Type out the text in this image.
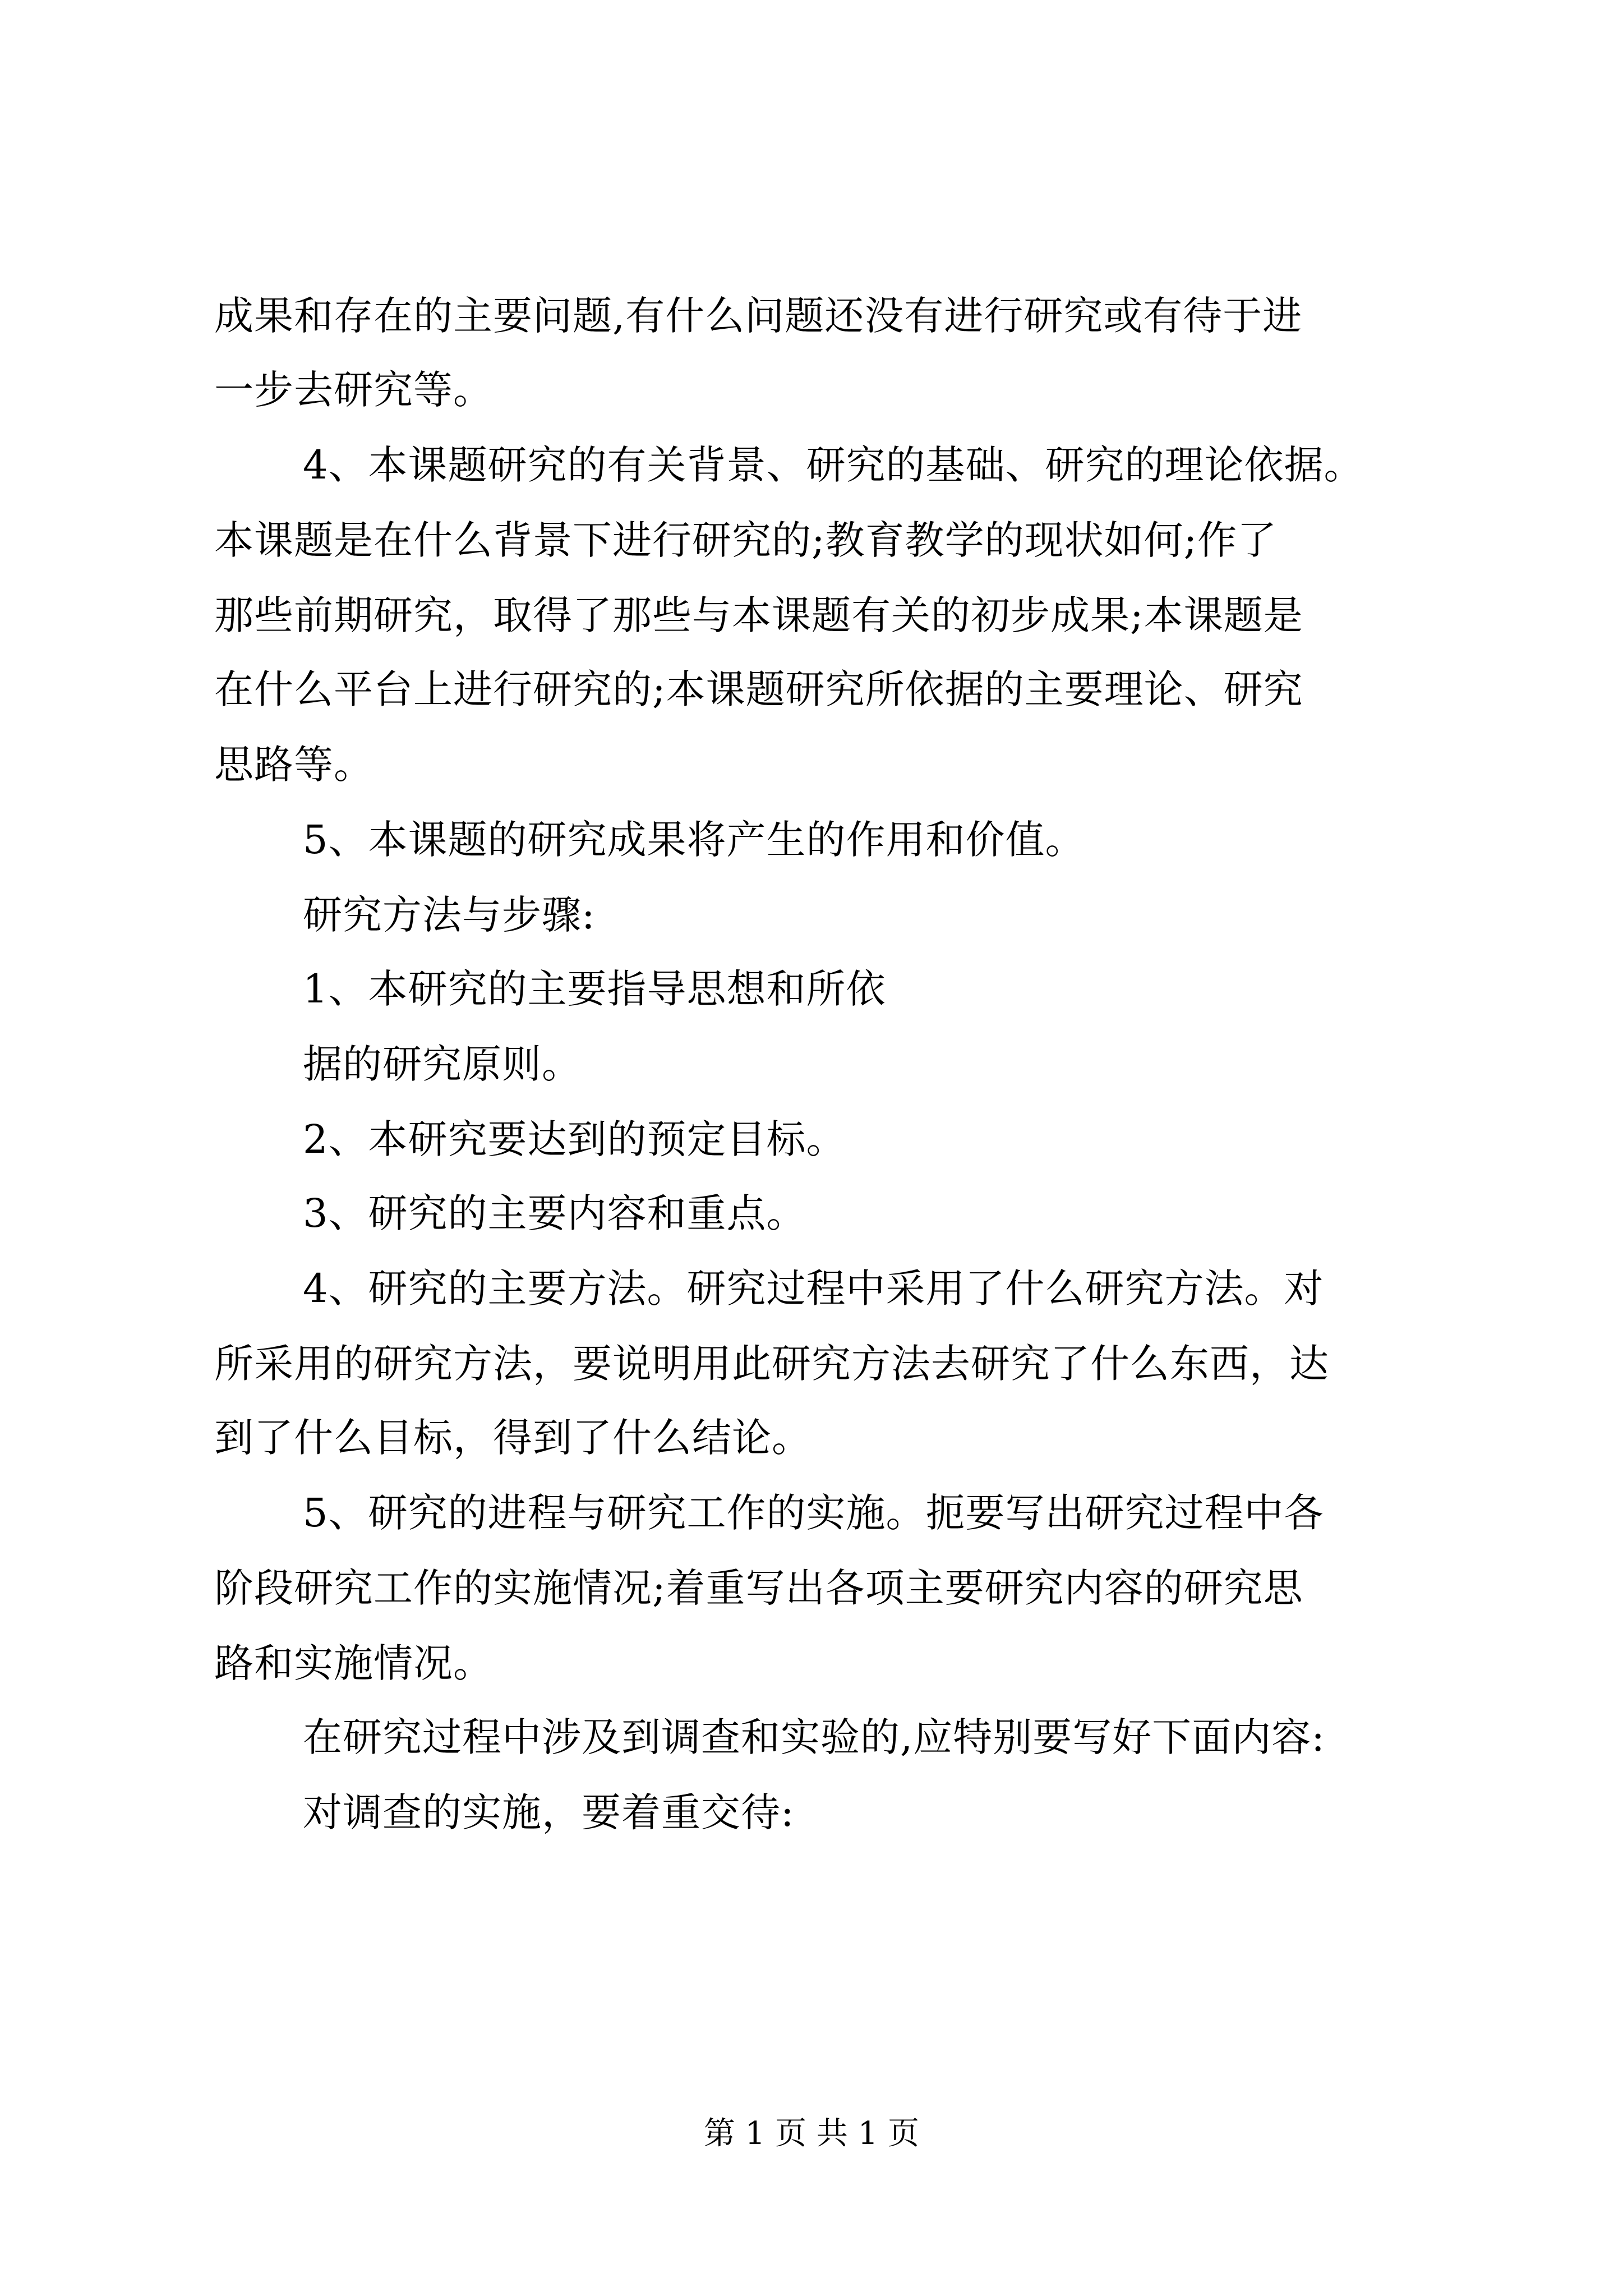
成果和存在的主要问题,有什么问题还没有进行研究或有待于进
一步去研究等。
4、本课题研究的有关背景、研究的基础、研究的理论依据。
本课题是在什么背景下进行研究的;教育教学的现状如何;作了
那些前期研究，取得了那些与本课题有关的初步成果;本课题是
在什么平台上进行研究的;本课题研究所依据的主要理论、研究
思路等。
5、本课题的研究成果将产生的作用和价值。
研究方法与步骤:
1、本研究的主要指导思想和所依
据的研究原则。
2、本研究要达到的预定目标。
3、研究的主要内容和重点。
4、研究的主要方法。研究过程中采用了什么研究方法。对
所采用的研究方法，要说明用此研究方法去研究了什么东西，达
到了什么目标，得到了什么结论。
5、研究的进程与研究工作的实施。扼要写出研究过程中各
阶段研究工作的实施情况;着重写出各项主要研究内容的研究思
路和实施情况。
在研究过程中涉及到调查和实验的,应特别要写好下面内容:
对调查的实施，要着重交待:
第 1 页 共 1 页
